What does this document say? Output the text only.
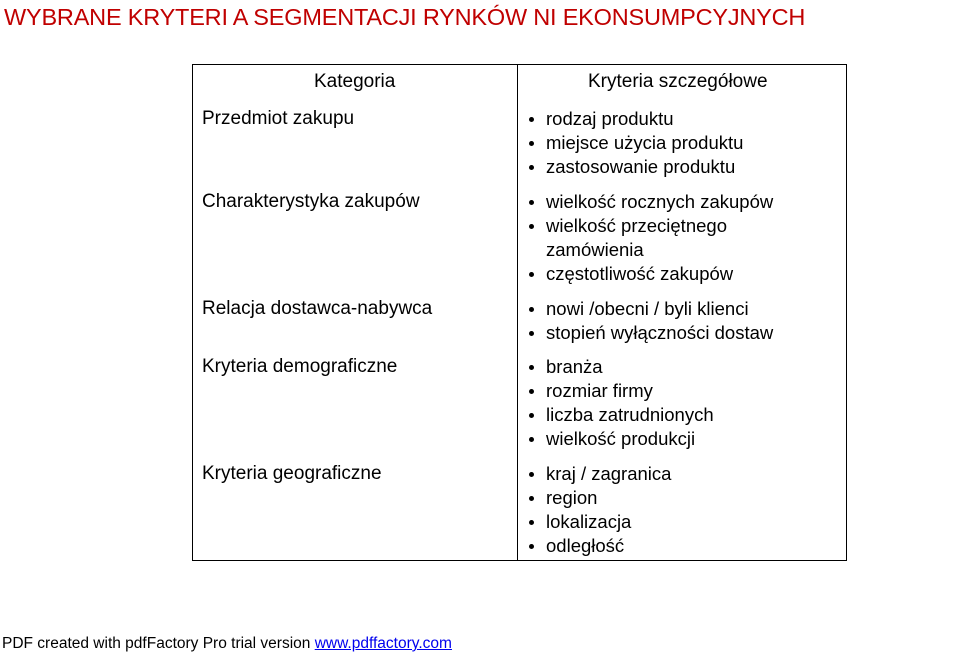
WYBRANE KRYTERI A SEGMENTACJI RYNKÓW NI EKONSUMPCYJNYCH
Kategoria	Kryteria szczegółowe
Przedmiot zakupu	rodzaj produktu
miejsce użycia produktu
zastosowanie produktu
Charakterystyka zakupów	wielkość rocznych zakupów
wielkość przeciętnego
zamówienia
częstotliwość zakupów
Relacja dostawca-nabywca	nowi /obecni / byli klienci
stopień wyłączności dostaw
Kryteria demograficzne	branża
rozmiar firmy
liczba zatrudnionych
wielkość produkcji
Kryteria geograficzne	kraj / zagranica
region
lokalizacja
odległość
PDF created with pdfFactory Pro trial version www.pdffactory.com
